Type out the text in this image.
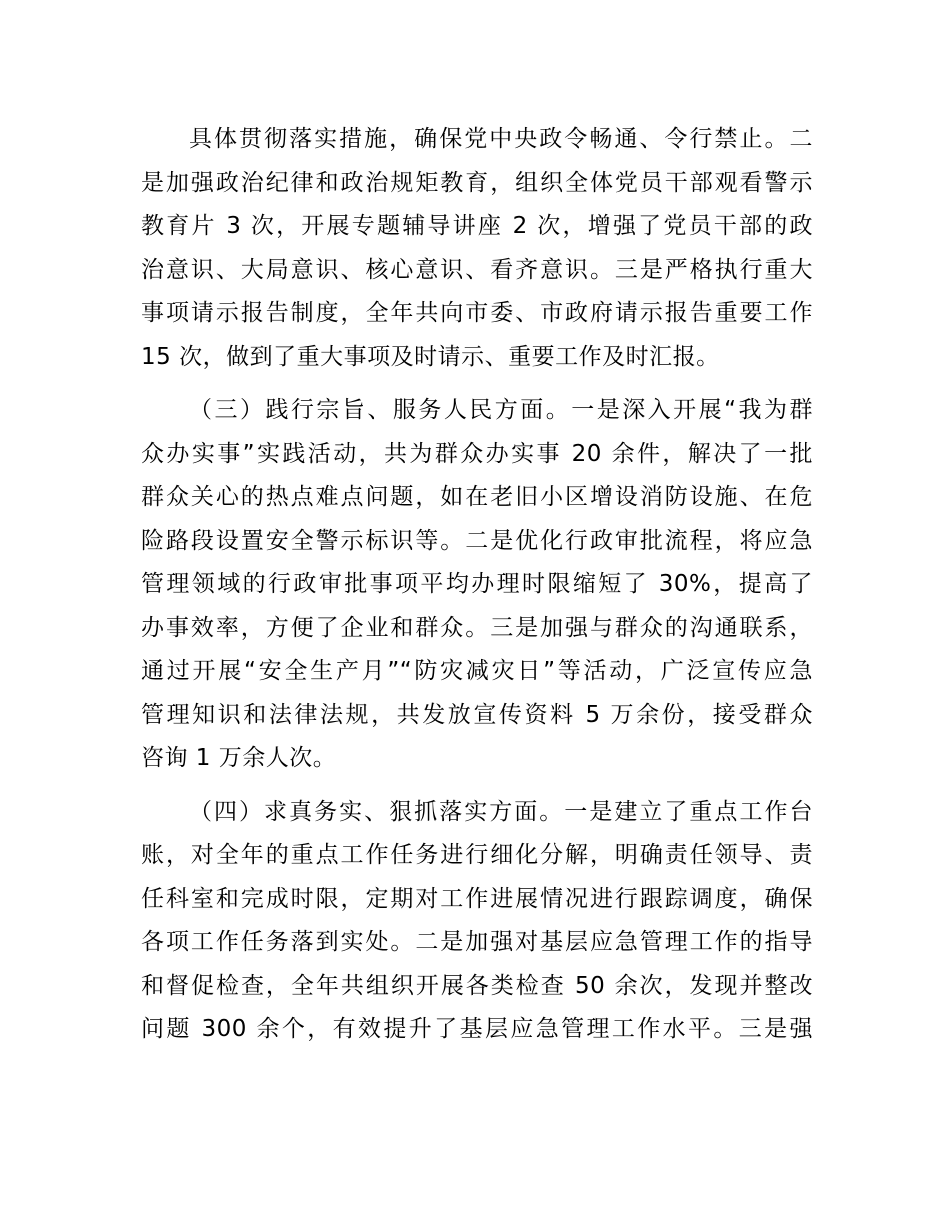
具体贯彻落实措施，确保党中央政令畅通、令行禁止。二
是加强政治纪律和政治规矩教育，组织全体党员干部观看警示
教育片 3 次，开展专题辅导讲座 2 次，增强了党员干部的政
治意识、大局意识、核心意识、看齐意识。三是严格执行重大
事项请示报告制度，全年共向市委、市政府请示报告重要工作
15 次，做到了重大事项及时请示、重要工作及时汇报。
（三）践行宗旨、服务人民方面。一是深入开展“我为群
众办实事”实践活动，共为群众办实事 20 余件，解决了一批
群众关心的热点难点问题，如在老旧小区增设消防设施、在危
险路段设置安全警示标识等。二是优化行政审批流程，将应急
管理领域的行政审批事项平均办理时限缩短了 30%，提高了
办事效率，方便了企业和群众。三是加强与群众的沟通联系，
通过开展“安全生产月”“防灾减灾日”等活动，广泛宣传应急
管理知识和法律法规，共发放宣传资料 5 万余份，接受群众
咨询 1 万余人次。
（四）求真务实、狠抓落实方面。一是建立了重点工作台
账，对全年的重点工作任务进行细化分解，明确责任领导、责
任科室和完成时限，定期对工作进展情况进行跟踪调度，确保
各项工作任务落到实处。二是加强对基层应急管理工作的指导
和督促检查，全年共组织开展各类检查 50 余次，发现并整改
问题 300 余个，有效提升了基层应急管理工作水平。三是强
